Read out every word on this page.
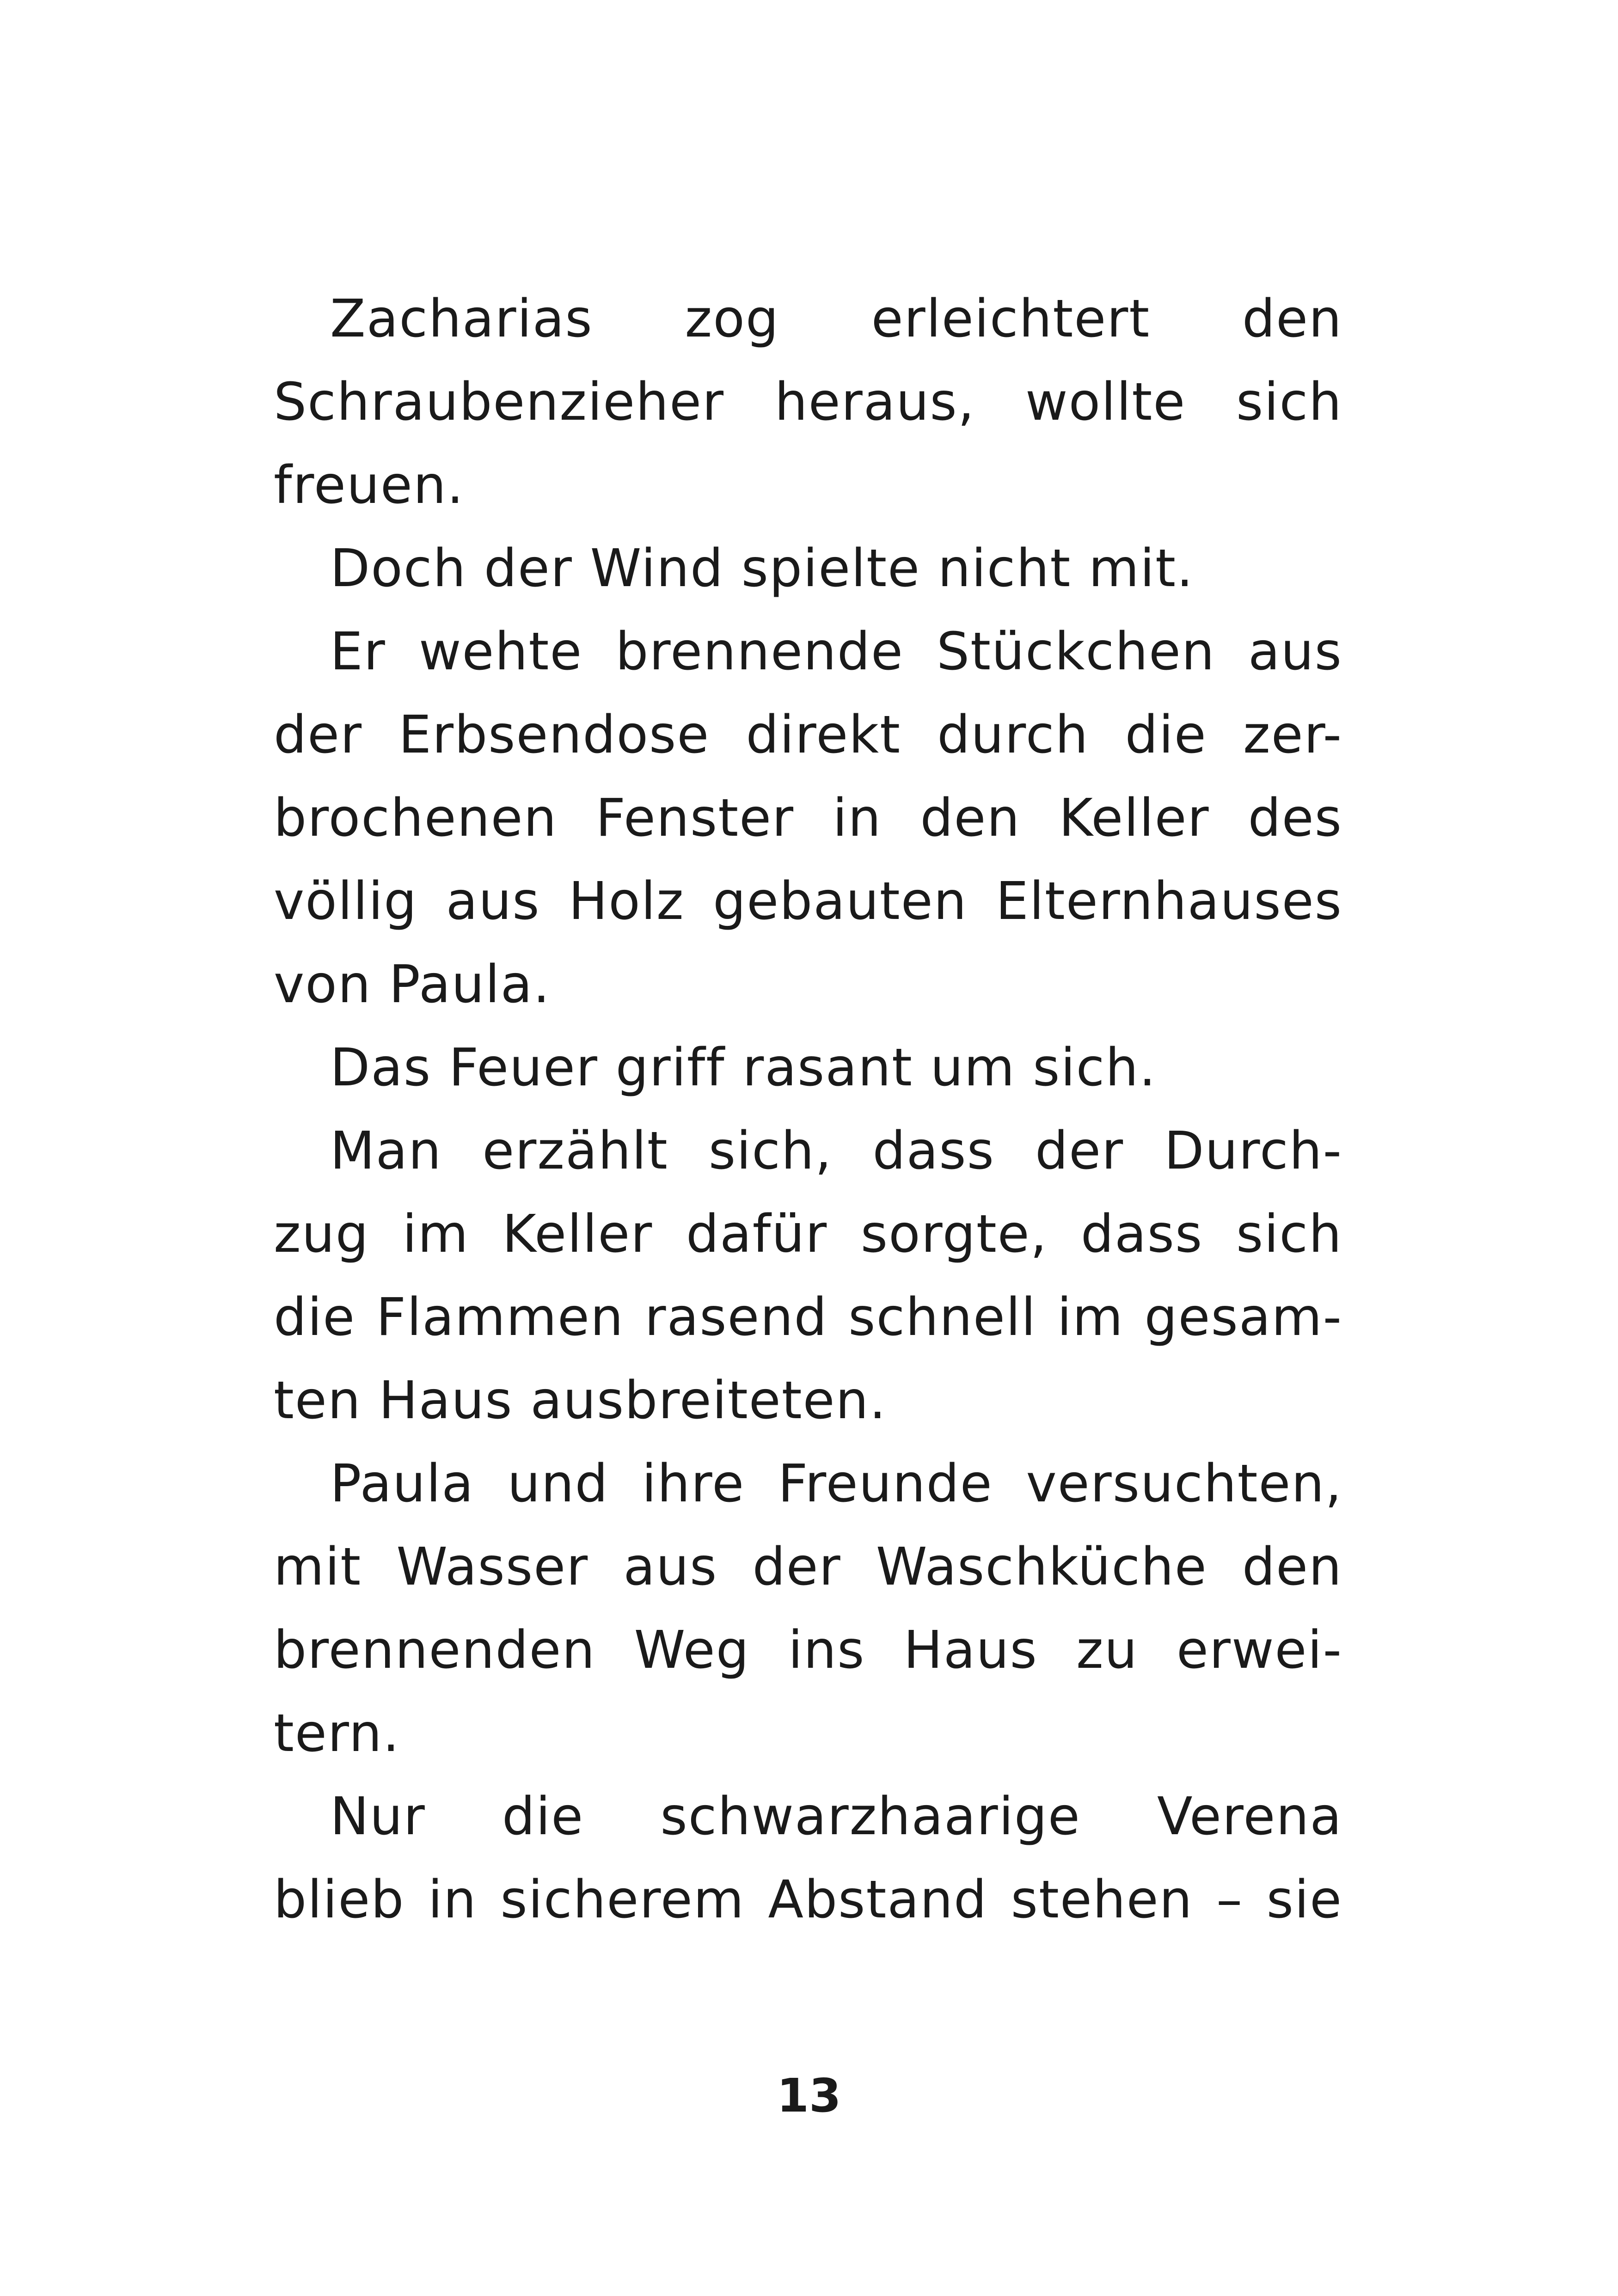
Zacharias zog erleichtert den
Schraubenzieher heraus, wollte sich
freuen.
Doch der Wind spielte nicht mit.
Er wehte brennende Stückchen aus
der Erbsendose direkt durch die zer-
brochenen Fenster in den Keller des
völlig aus Holz gebauten Elternhauses
von Paula.
Das Feuer griff rasant um sich.
Man erzählt sich, dass der Durch-
zug im Keller dafür sorgte, dass sich
die Flammen rasend schnell im gesam-
ten Haus ausbreiteten.
Paula und ihre Freunde versuchten,
mit Wasser aus der Waschküche den
brennenden Weg ins Haus zu erwei-
tern.
Nur die schwarzhaarige Verena
blieb in sicherem Abstand stehen – sie
13
